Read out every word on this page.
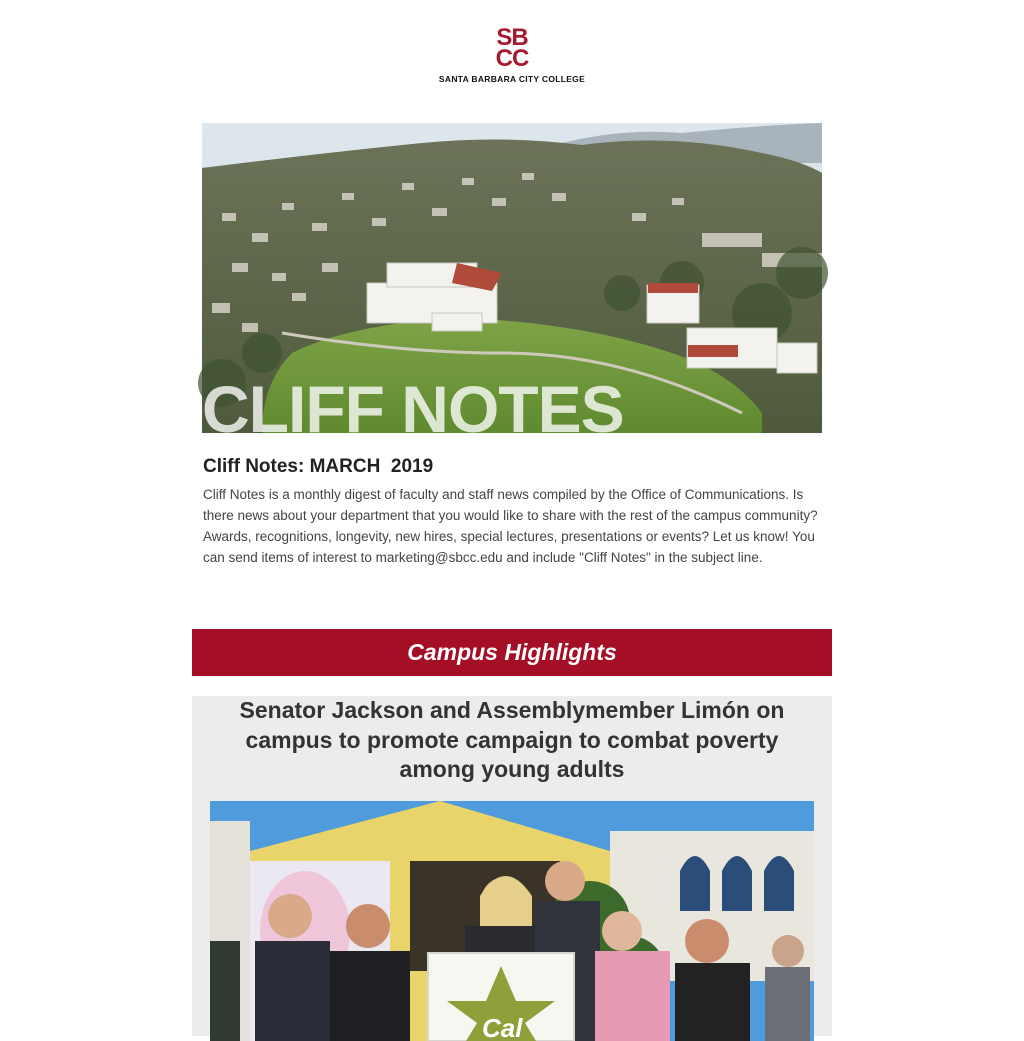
SB
CC
SANTA BARBARA CITY COLLEGE
CLIFF NOTES
Cliff Notes: MARCH  2019

Cliff Notes is a monthly digest of faculty and staff news compiled by the Office of Communications. Is there news about your department that you would like to share with the rest of the campus community? Awards, recognitions, longevity, new hires, special lectures, presentations or events? Let us know! You can send items of interest to marketing@sbcc.edu and include "Cliff Notes" in the subject line.

Campus Highlights
Senator Jackson and Assemblymember Limón on campus to promote campaign to combat poverty among young adults
Cal
